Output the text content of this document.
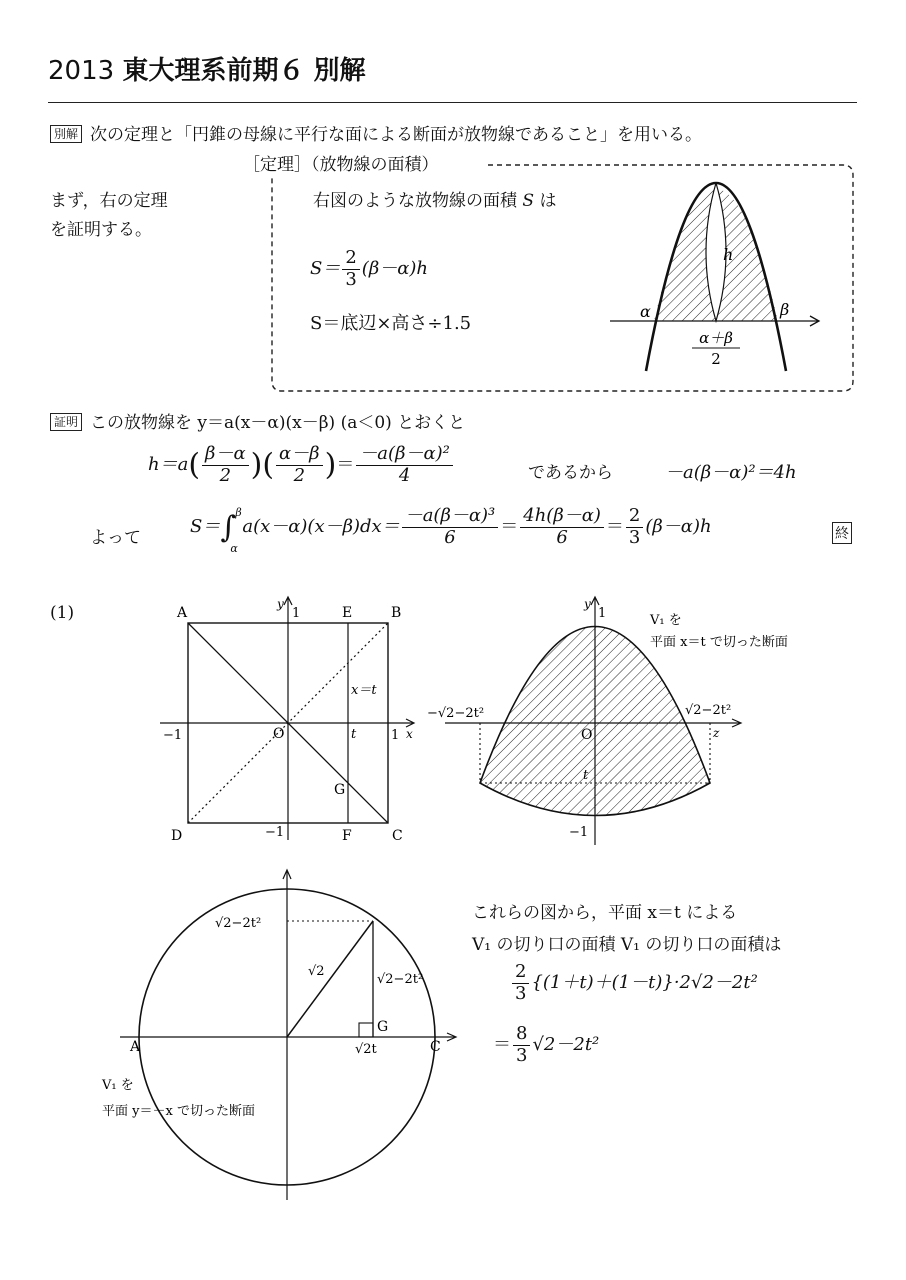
2013 東大理系前期６ 別解
別解 次の定理と「円錐の母線に平行な面による断面が放物線であること」を用いる。
［定理］（放物線の面積）
まず，右の定理
を証明する。
右図のような放物線の面積 S は
$S= \frac{2}{3} (\beta-\alpha)h$
S＝底辺×高さ÷1.5
α	β
h
α＋β
2
証明 この放物線を y＝a(x－α)(x－β) (a＜0) とおくと
$h=a( \frac{\beta-\alpha}{2}$ )( $\frac{\alpha-\beta}{2}$ )＝ $\frac{\text{－a(β－α)²}}{4}$	であるから	－a(β－α)²＝4h
よって
S＝∫ β
α
$a(x-\alpha)(x-\beta)dx= \frac{\text{－a(β－α)³}}{6} = \frac{4h(\beta-\alpha)}{6} = \frac{2}{3} (\beta-\alpha)h$	終
(1)	A	B
C
D
E
F
G
O
y
x
1
1
−1
−1
t
x＝t
y
1
z
O
t
−1
−√2−2t²	√2−2t²
V₁ を
平面 x＝t で切った断面
A	C
G
√2−2t²
√2
√2−2t²
√2t
V₁ を
平面 y＝－x で切った断面
これらの図から，平面 x＝t による
V₁ の切り口の面積 V₁ の切り口の面積は
$\frac{2}{3} \{(1+t)+(1-t)\}\cdot 2√2-2t^2$
＝ $\frac{8}{3} √2-2t^2$
